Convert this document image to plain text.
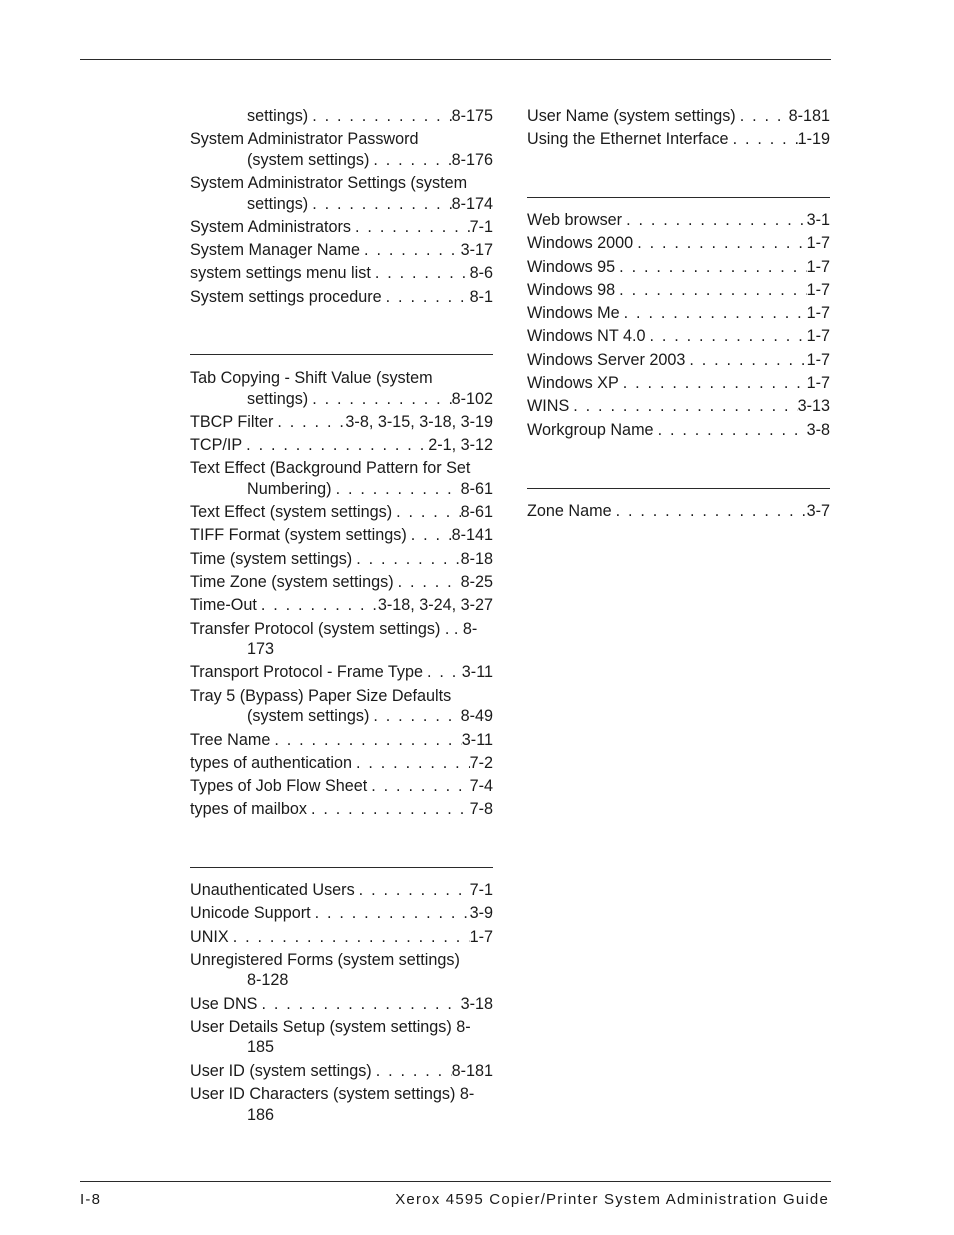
settings) . . .	8-175
System Administrator Password
(system settings) . . .	8-176
System Administrator Settings (system
settings) . . .	8-174
System Administrators . . .	7-1
System Manager Name . . .	3-17
system settings menu list . . .	8-6
System settings procedure . . .	8-1
Tab Copying - Shift Value (system
settings) . . .	8-102
TBCP Filter . . .	3-8, 3-15, 3-18, 3-19
TCP/IP . . .	2-1, 3-12
Text Effect (Background Pattern for Set
Numbering) . . .	8-61
Text Effect (system settings) . . .	8-61
TIFF Format (system settings) . . .	8-141
Time (system settings) . . .	8-18
Time Zone (system settings) . . .	8-25
Time-Out . . .	3-18, 3-24, 3-27
Transfer Protocol (system settings) . . 8-
173
Transport Protocol - Frame Type . . . 3-11
Tray 5 (Bypass) Paper Size Defaults
(system settings) . . .	8-49
Tree Name . . .	3-11
types of authentication . . .	7-2
Types of Job Flow Sheet . . .	7-4
types of mailbox . . .	7-8
Unauthenticated Users . . .	7-1
Unicode Support . . .	3-9
UNIX . . .	1-7
Unregistered Forms (system settings)
8-128
Use DNS . . .	3-18
User Details Setup (system settings) 8-
185
User ID (system settings) . . .	8-181
User ID Characters (system settings) 8-
186
User Name (system settings) . . .	8-181
Using the Ethernet Interface . . .	1-19
Web browser . . .	3-1
Windows 2000 . . .	1-7
Windows 95 . . .	1-7
Windows 98 . . .	1-7
Windows Me . . .	1-7
Windows NT 4.0 . . .	1-7
Windows Server 2003 . . .	1-7
Windows XP . . .	1-7
WINS . . .	3-13
Workgroup Name . . .	3-8
Zone Name . . .	3-7
I-8	Xerox 4595 Copier/Printer System Administration Guide
